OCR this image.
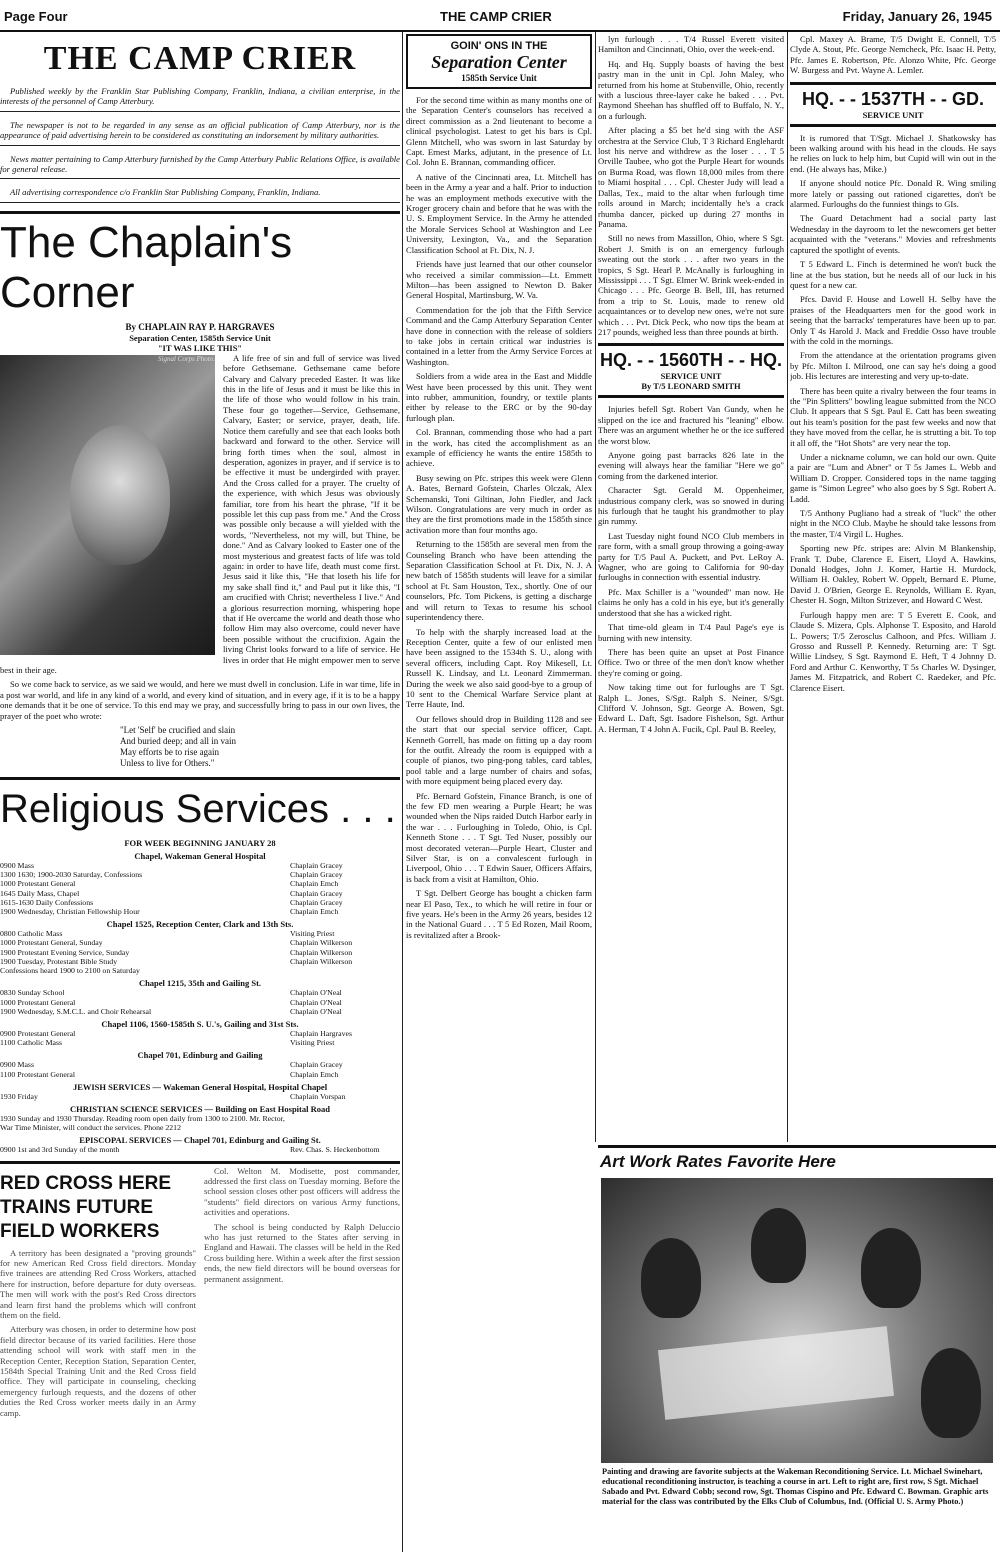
Page Four	THE CAMP CRIER	Friday, January 26, 1945
THE CAMP CRIER

Published weekly by the Franklin Star Publishing Company, Franklin, Indiana, a civilian enterprise, in the interests of the personnel of Camp Atterbury.

The newspaper is not to be regarded in any sense as an official publication of Camp Atterbury, nor is the appearance of paid advertising herein to be considered as constituting an indorsement by military authorities.

News matter pertaining to Camp Atterbury furnished by the Camp Atterbury Public Relations Office, is available for general release.

All advertising correspondence c/o Franklin Star Publishing Company, Franklin, Indiana.

The Chaplain's Corner
By CHAPLAIN RAY P. HARGRAVES
Separation Center, 1585th Service Unit
"IT WAS LIKE THIS"
Signal Corps Photo.	A life free of sin and full of service was lived before Gethsemane. Gethsemane came before Calvary and Calvary preceded Easter. It was like this in the life of Jesus and it must be like this in the life of those who would follow in his train. These four go together—Service, Gethsemane, Calvary, Easter; or service, prayer, death, life. Notice them carefully and see that each looks both backward and forward to the other. Service will bring forth times when the soul, almost in desperation, agonizes in prayer, and if service is to be effective it must be undergirded with prayer. And the Cross called for a prayer. The cruelty of the experience, with which Jesus was obviously familiar, tore from his heart the phrase, "If it be possible let this cup pass from me." And the Cross was possible only because a will yielded with the words, "Nevertheless, not my will, but Thine, be done." And as Calvary looked to Easter one of the most mysterious and greatest facts of life was told again: in order to have life, death must come first. Jesus said it like this, "He that loseth his life for my sake shall find it," and Paul put it like this, "I am crucified with Christ; nevertheless I live." And a glorious resurrection morning, whispering hope that if He overcame the world and death those who follow Him may also overcome, could never have been possible without the crucifixion. Again the living Christ looks forward to a life of service. He lives in order that He might empower men to serve best in their age.

So we come back to service, as we said we would, and here we must dwell in conclusion. Life in war time, life in a post war world, and life in any kind of a world, and every kind of situation, and in every age, if it is to be a happy one demands that it be one of service. To this end may we pray, and successfully bring to pass in our own lives, the prayer of the poet who wrote:

"Let 'Self' be crucified and slain
And buried deep; and all in vain
May efforts be to rise again
Unless to live for Others."
Religious Services . . .
FOR WEEK BEGINNING JANUARY 28
Chapel, Wakeman General Hospital
0900 Mass	Chaplain Gracey
1300 1630; 1900-2030 Saturday, Confessions	Chaplain Gracey
1000 Protestant General	Chaplain Emch
1645 Daily Mass, Chapel	Chaplain Gracey
1615-1630 Daily Confessions	Chaplain Gracey
1900 Wednesday, Christian Fellowship Hour	Chaplain Emch
Chapel 1525, Reception Center, Clark and 13th Sts.
0800 Catholic Mass	Visiting Priest
1000 Protestant General, Sunday	Chaplain Wilkerson
1900 Protestant Evening Service, Sunday	Chaplain Wilkerson
1900 Tuesday, Protestant Bible Study	Chaplain Wilkerson
Confessions heard 1900 to 2100 on Saturday
Chapel 1215, 35th and Gailing St.
0830 Sunday School	Chaplain O'Neal
1000 Protestant General	Chaplain O'Neal
1900 Wednesday, S.M.C.L. and Choir Rehearsal	Chaplain O'Neal
Chapel 1106, 1560-1585th S. U.'s, Gailing and 31st Sts.
0900 Protestant General	Chaplain Hargraves
1100 Catholic Mass	Visiting Priest
Chapel 701, Edinburg and Gailing
0900 Mass	Chaplain Gracey
1100 Protestant General	Chaplain Emch
JEWISH SERVICES — Wakeman General Hospital, Hospital Chapel
1930 Friday	Chaplain Vorspan
CHRISTIAN SCIENCE SERVICES — Building on East Hospital Road
1930 Sunday and 1930 Thursday. Reading room open daily from 1300 to 2100. Mr. Rector, War Time Minister, will conduct the services. Phone 2212
EPISCOPAL SERVICES — Chapel 701, Edinburg and Gailing St.
0900 1st and 3rd Sunday of the month	Rev. Chas. S. Heckenbottom
RED CROSS HERE TRAINS FUTURE FIELD WORKERS

A territory has been designated a "proving grounds" for new American Red Cross field directors. Monday five trainees are attending Red Cross Workers, attached here for instruction, before departure for duty overseas. The men will work with the post's Red Cross directors and learn first hand the problems which will confront them on the field.

Atterbury was chosen, in order to determine how post field director because of its varied facilities. Here those attending school will work with staff men in the Reception Center, Reception Station, Separation Center, 1584th Special Training Unit and the Red Cross field office. They will participate in counseling, checking emergency furlough requests, and the dozens of other duties the Red Cross worker meets daily in an Army camp.

Col. Welton M. Modisette, post commander, addressed the first class on Tuesday morning. Before the school session closes other post officers will address the "students" field directors on various Army functions, activities and operations.

The school is being conducted by Ralph Deluccio who has just returned to the States after serving in England and Hawaii. The classes will be held in the Red Cross building here. Within a week after the first session ends, the new field directors will be bound overseas for permanent assignment.

GOIN' ONS IN THE
Separation Center
1585th Service Unit

For the second time within as many months one of the Separation Center's counselors has received a direct commission as a 2nd lieutenant to become a clinical psychologist. Latest to get his bars is Cpl. Glenn Mitchell, who was sworn in last Saturday by Capt. Ernest Marks, adjutant, in the presence of Lt. Col. John E. Brannan, commanding officer.

A native of the Cincinnati area, Lt. Mitchell has been in the Army a year and a half. Prior to induction he was an employment methods executive with the Kroger grocery chain and before that he was with the U. S. Employment Service. In the Army he attended the Morale Services School at Washington and Lee University, Lexington, Va., and the Separation Classification School at Ft. Dix, N. J.

Friends have just learned that our other counselor who received a similar commission—Lt. Emmett Milton—has been assigned to Newton D. Baker General Hospital, Martinsburg, W. Va.

Commendation for the job that the Fifth Service Command and the Camp Atterbury Separation Center have done in connection with the release of soldiers to take jobs in certain critical war industries is contained in a letter from the Army Service Forces at Washington.

Soldiers from a wide area in the East and Middle West have been processed by this unit. They went into rubber, ammunition, foundry, or textile plants either by release to the ERC or by the 90-day furlough plan.

Col. Brannan, commending those who had a part in the work, has cited the accomplishment as an example of efficiency he wants the entire 1585th to achieve.

Busy sewing on Pfc. stripes this week were Glenn A. Bates, Bernard Gofstein, Charles Olczak, Alex Schemanski, Toni Giltinan, John Fiedler, and Jack Wilson. Congratulations are very much in order as they are the first promotions made in the 1585th since activation more than four months ago.

Returning to the 1585th are several men from the Counseling Branch who have been attending the Separation Classification School at Ft. Dix, N. J. A new batch of 1585th students will leave for a similar school at Ft. Sam Houston, Tex., shortly. One of our counselors, Pfc. Tom Pickens, is getting a discharge and will return to Texas to resume his school superintendency there.

To help with the sharply increased load at the Reception Center, quite a few of our enlisted men have been assigned to the 1534th S. U., along with several officers, including Capt. Roy Mikesell, Lt. Russell K. Lindsay, and Lt. Leonard Zimmerman. During the week we also said good-bye to a group of 10 sent to the Chemical Warfare Service plant at Terre Haute, Ind.

Our fellows should drop in Building 1128 and see the start that our special service officer, Capt. Kenneth Gorrell, has made on fitting up a day room for the outfit. Already the room is equipped with a couple of pianos, two ping-pong tables, card tables, pool table and a large number of chairs and sofas, with more equipment being placed every day.

Pfc. Bernard Gofstein, Finance Branch, is one of the few FD men wearing a Purple Heart; he was wounded when the Nips raided Dutch Harbor early in the war . . . Furloughing in Toledo, Ohio, is Cpl. Kenneth Stone . . . T Sgt. Ted Nuser, possibly our most decorated veteran—Purple Heart, Cluster and Silver Star, is on a convalescent furlough in Liverpool, Ohio . . . T Edwin Sauer, Officers Affairs, is back from a visit at Hamilton, Ohio.

T Sgt. Delbert George has bought a chicken farm near El Paso, Tex., to which he will retire in four or five years. He's been in the Army 26 years, besides 12 in the National Guard . . . T 5 Ed Rozen, Mail Room, is revitalized after a Brook-

lyn furlough . . . T/4 Russel Everett visited Hamilton and Cincinnati, Ohio, over the week-end.

Hq. and Hq. Supply boasts of having the best pastry man in the unit in Cpl. John Maley, who returned from his home at Stubenville, Ohio, recently with a luscious three-layer cake he baked . . . Pvt. Raymond Sheehan has shuffled off to Buffalo, N. Y., on a furlough.

After placing a $5 bet he'd sing with the ASF orchestra at the Service Club, T 3 Richard Englehardt lost his nerve and withdrew as the loser . . . T 5 Orville Taubee, who got the Purple Heart for wounds on Burma Road, was flown 18,000 miles from there to Miami hospital . . . Cpl. Chester Judy will lead a Dallas, Tex., maid to the altar when furlough time rolls around in March; incidentally he's a crack rhumba dancer, picked up during 27 months in Panama.

Still no news from Massillon, Ohio, where S Sgt. Robert J. Smith is on an emergency furlough sweating out the stork . . . after two years in the tropics, S Sgt. Hearl P. McAnally is furloughing in Mississippi . . . T Sgt. Elmer W. Brink week-ended in Chicago . . . Pfc. George B. Bell, III, has returned from a trip to St. Louis, made to renew old acquaintances or to develop new ones, we're not sure which . . . Pvt. Dick Peck, who now tips the beam at 217 pounds, weighed less than three pounds at birth.

HQ. - - 1560TH - - HQ.
SERVICE UNIT
By T/5 LEONARD SMITH

Injuries befell Sgt. Robert Van Gundy, when he slipped on the ice and fractured his "leaning" elbow. There was an argument whether he or the ice suffered the worst blow.

Anyone going past barracks 826 late in the evening will always hear the familiar "Here we go" coming from the darkened interior.

Character Sgt. Gerald M. Oppenheimer, industrious company clerk, was so snowed in during his furlough that he taught his grandmother to play gin rummy.

Last Tuesday night found NCO Club members in rare form, with a small group throwing a going-away party for T/5 Paul A. Puckett, and Pvt. LeRoy A. Wagner, who are going to California for 90-day furloughs in connection with essential industry.

Pfc. Max Schiller is a "wounded" man now. He claims he only has a cold in his eye, but it's generally understood that she has a wicked right.

That time-old gleam in T/4 Paul Page's eye is burning with new intensity.

There has been quite an upset at Post Finance Office. Two or three of the men don't know whether they're coming or going.

Now taking time out for furloughs are T Sgt. Ralph L. Jones, S/Sgt. Ralph S. Neiner, S/Sgt. Clifford V. Johnson, Sgt. George A. Bowen, Sgt. Edward L. Daft, Sgt. Isadore Fishelson, Sgt. Arthur A. Herman, T 4 John A. Fucik, Cpl. Paul B. Reeley,

Cpl. Maxey A. Brame, T/5 Dwight E. Connell, T/5 Clyde A. Stout, Pfc. George Nemcheck, Pfc. Isaac H. Petty, Pfc. James E. Robertson, Pfc. Alonzo White, Pfc. George W. Burgess and Pvt. Wayne A. Lemler.

HQ. - - 1537TH - - GD.
SERVICE UNIT

It is rumored that T/Sgt. Michael J. Shatkowsky has been walking around with his head in the clouds. He says he relies on luck to help him, but Cupid will win out in the end. (He always has, Mike.)

If anyone should notice Pfc. Donald R. Wing smiling more lately or passing out rationed cigarettes, don't be alarmed. Furloughs do the funniest things to GIs.

The Guard Detachment had a social party last Wednesday in the dayroom to let the newcomers get better acquainted with the "veterans." Movies and refreshments captured the spotlight of events.

T 5 Edward L. Finch is determined he won't buck the line at the bus station, but he needs all of our luck in his quest for a new car.

Pfcs. David F. House and Lowell H. Selby have the praises of the Headquarters men for the good work in seeing that the barracks' temperatures have been up to par. Only T 4s Harold J. Mack and Freddie Osso have trouble with the cold in the mornings.

From the attendance at the orientation programs given by Pfc. Milton I. Milrood, one can say he's doing a good job. His lectures are interesting and very up-to-date.

There has been quite a rivalry between the four teams in the "Pin Splitters" bowling league submitted from the NCO Club. It appears that S Sgt. Paul E. Catt has been sweating out his team's position for the past few weeks and now that they have moved from the cellar, he is strutting a bit. To top it all off, the "Hot Shots" are very near the top.

Under a nickname column, we can hold our own. Quite a pair are "Lum and Abner" or T 5s James L. Webb and William D. Cropper. Considered tops in the name tagging game is "Simon Legree" who also goes by S Sgt. Robert A. Ladd.

T/5 Anthony Pugliano had a streak of "luck" the other night in the NCO Club. Maybe he should take lessons from the master, T/4 Virgil L. Hughes.

Sporting new Pfc. stripes are: Alvin M Blankenship, Frank T. Dube, Clarence E. Eisert, Lloyd A. Hawkins, Donald Hodges, John J. Komer, Hartie H. Murdock, William H. Oakley, Robert W. Oppelt, Bernard E. Plume, David J. O'Brien, George E. Reynolds, William E. Ryan, Chester H. Sogn, Milton Strizever, and Howard C West.

Furlough happy men are: T 5 Everett E. Cook, and Claude S. Mizera, Cpls. Alphonse T. Esposito, and Harold L. Powers; T/5 Zerosclus Calhoon, and Pfcs. William J. Grosso and Russell P. Kennedy. Returning are: T Sgt. Willie Lindsey, S Sgt. Raymond E. Heft, T 4 Johnny D. Ford and Arthur C. Kenworthy, T 5s Charles W. Dysinger, James M. Fitzpatrick, and Robert C. Raedeker, and Pfc. Clarence Eisert.

Art Work Rates Favorite Here
Painting and drawing are favorite subjects at the Wakeman Reconditioning Service. Lt. Michael Swinehart, educational reconditioning instructor, is teaching a course in art. Left to right are, first row, S Sgt. Michael Sabado and Pvt. Edward Cobb; second row, Sgt. Thomas Cispino and Pfc. Edward C. Bowman. Graphic arts material for the class was contributed by the Elks Club of Columbus, Ind. (Official U. S. Army Photo.)
